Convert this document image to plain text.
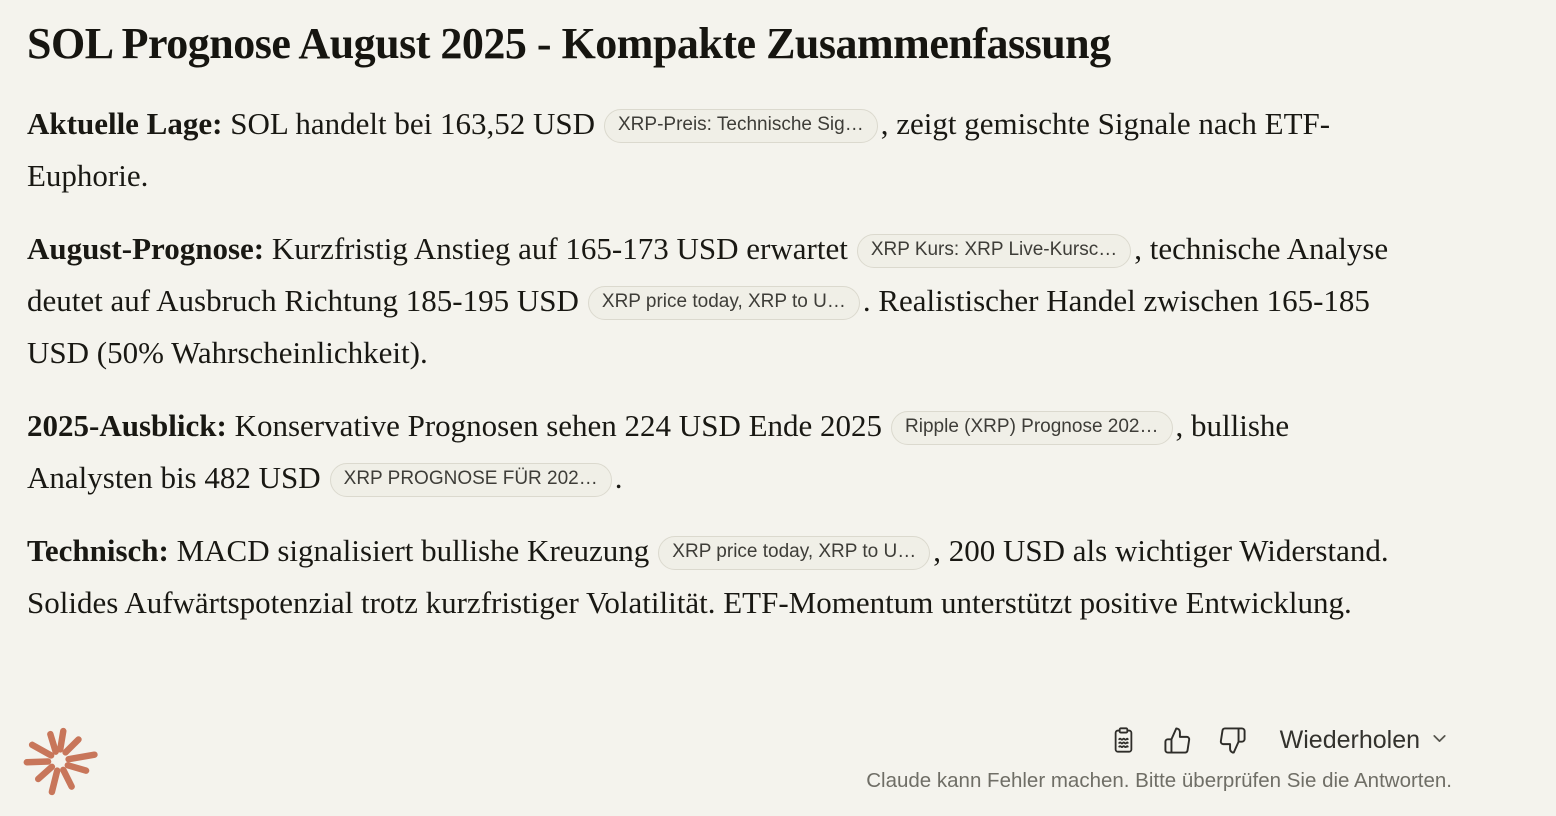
SOL Prognose August 2025 - Kompakte Zusammenfassung

Aktuelle Lage: SOL handelt bei 163,52 USD XRP-Preis: Technische Sig… , zeigt gemischte Signale nach ETF-Euphorie.

August-Prognose: Kurzfristig Anstieg auf 165-173 USD erwartet XRP Kurs: XRP Live-Kursc… , technische Analyse deutet auf Ausbruch Richtung 185-195 USD XRP price today, XRP to U… . Realistischer Handel zwischen 165-185 USD (50% Wahrscheinlichkeit).

2025-Ausblick: Konservative Prognosen sehen 224 USD Ende 2025 Ripple (XRP) Prognose 202… , bullishe Analysten bis 482 USD XRP PROGNOSE FÜR 202… .

Technisch: MACD signalisiert bullishe Kreuzung XRP price today, XRP to U… , 200 USD als wichtiger Widerstand. Solides Aufwärtspotenzial trotz kurzfristiger Volatilität. ETF-Momentum unterstützt positive Entwicklung.

Wiederholen
Claude kann Fehler machen. Bitte überprüfen Sie die Antworten.
